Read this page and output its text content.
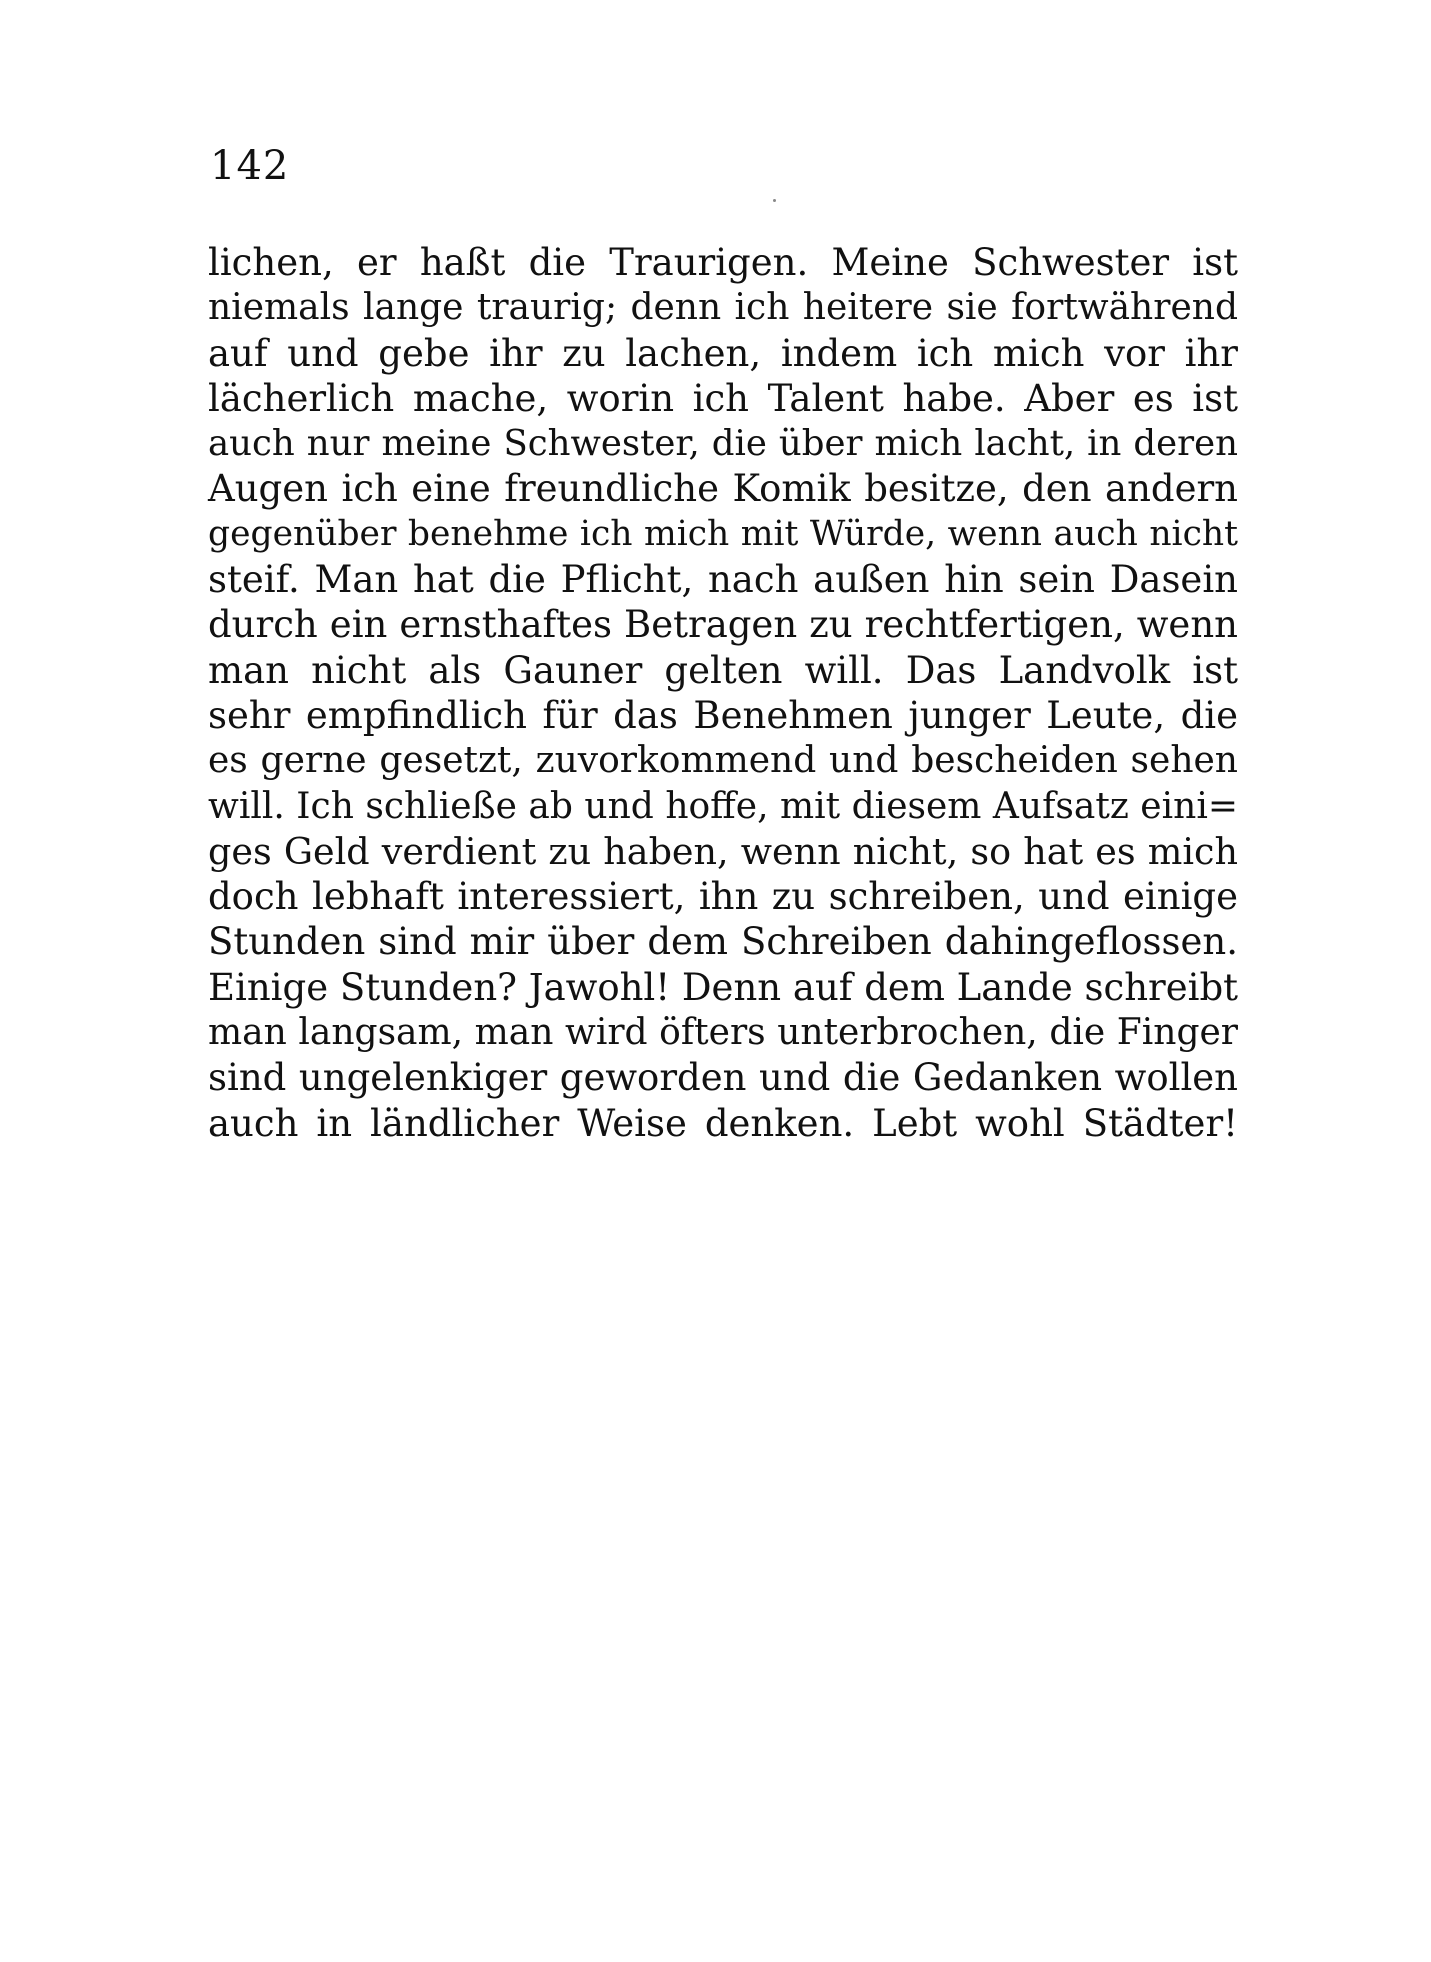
142
lichen, er haßt die Traurigen. Meine Schwester ist
niemals lange traurig; denn ich heitere sie fortwährend
auf und gebe ihr zu lachen, indem ich mich vor ihr
lächerlich mache, worin ich Talent habe. Aber es ist
auch nur meine Schwester, die über mich lacht, in deren
Augen ich eine freundliche Komik besitze, den andern
gegenüber benehme ich mich mit Würde, wenn auch nicht
steif. Man hat die Pflicht, nach außen hin sein Dasein
durch ein ernsthaftes Betragen zu rechtfertigen, wenn
man nicht als Gauner gelten will. Das Landvolk ist
sehr empfindlich für das Benehmen junger Leute, die
es gerne gesetzt, zuvorkommend und bescheiden sehen
will. Ich schließe ab und hoffe, mit diesem Aufsatz eini=
ges Geld verdient zu haben, wenn nicht, so hat es mich
doch lebhaft interessiert, ihn zu schreiben, und einige
Stunden sind mir über dem Schreiben dahingeflossen.
Einige Stunden? Jawohl! Denn auf dem Lande schreibt
man langsam, man wird öfters unterbrochen, die Finger
sind ungelenkiger geworden und die Gedanken wollen
auch in ländlicher Weise denken. Lebt wohl Städter!
